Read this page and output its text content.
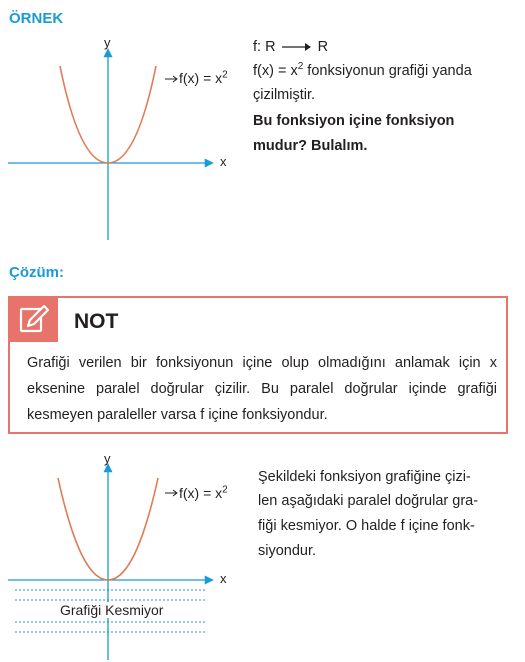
ÖRNEK
y
x
$f(x) = x^2$
f: R	R
$f(x) = x^2$ fonksiyonun grafiği yanda
çizilmiştir.
Bu fonksiyon içine fonksiyon
mudur? Bulalım.
Çözüm:
NOT
Grafiği verilen bir fonksiyonun içine olup olmadığını anlamak için x eksenine paralel doğrular çizilir. Bu paralel doğrular içinde grafiği kesmeyen paraleller varsa f içine fonksiyondur.
y
x
$f(x) = x^2$
Grafiği Kesmiyor
Şekildeki fonksiyon grafiğine çizi-
len aşağıdaki paralel doğrular gra-
fiği kesmiyor. O halde f içine fonk-
siyondur.
